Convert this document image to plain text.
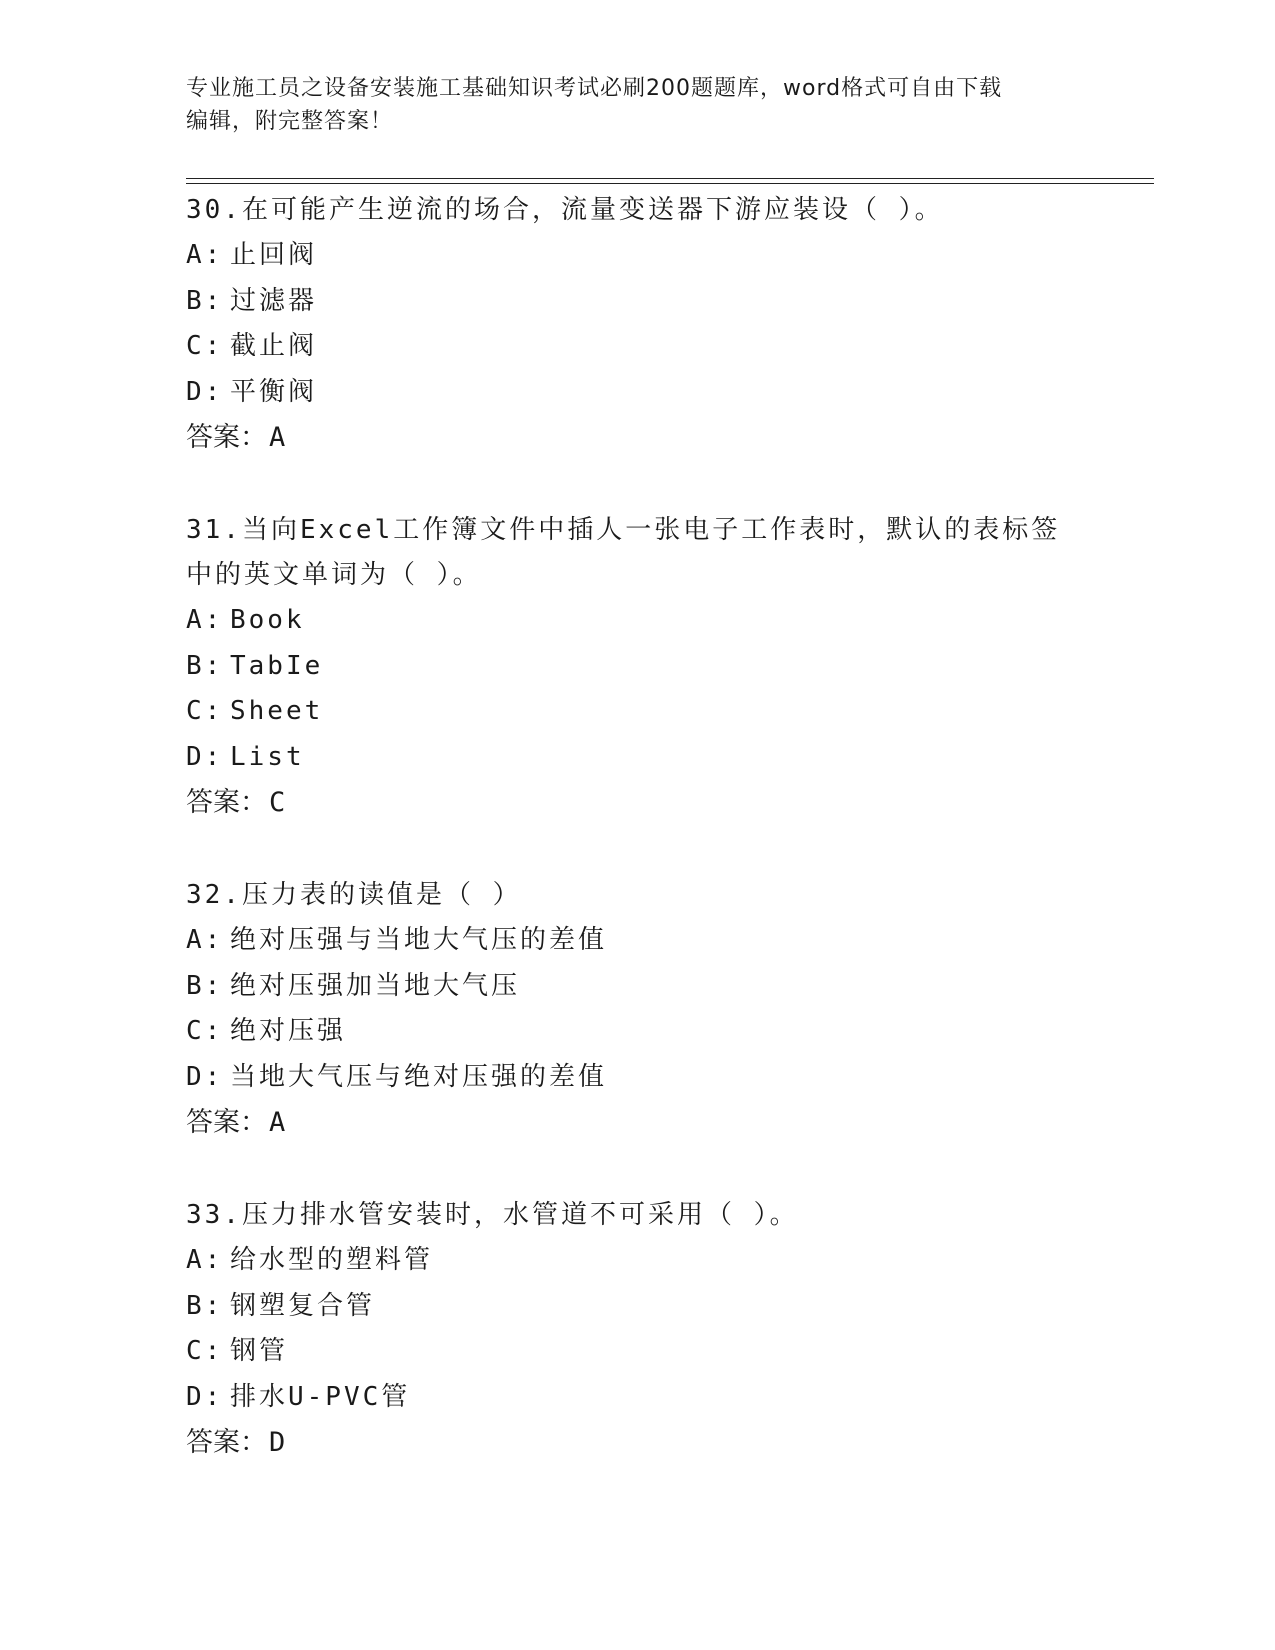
专业施工员之设备安装施工基础知识考试必刷200题题库，word格式可自由下载
编辑，附完整答案！

30.在可能产生逆流的场合，流量变送器下游应装设（ ）。

A: 止回阀

B: 过滤器

C: 截止阀

D: 平衡阀

答案：A

31.当向Excel工作簿文件中插人一张电子工作表时，默认的表标签中的英文单词为（ ）。

A: Book

B: TabIe

C: Sheet

D: List

答案：C

32.压力表的读值是（ ）

A: 绝对压强与当地大气压的差值

B: 绝对压强加当地大气压

C: 绝对压强

D: 当地大气压与绝对压强的差值

答案：A

33.压力排水管安装时，水管道不可采用（ ）。

A: 给水型的塑料管

B: 钢塑复合管

C: 钢管

D: 排水U-PVC管

答案：D
